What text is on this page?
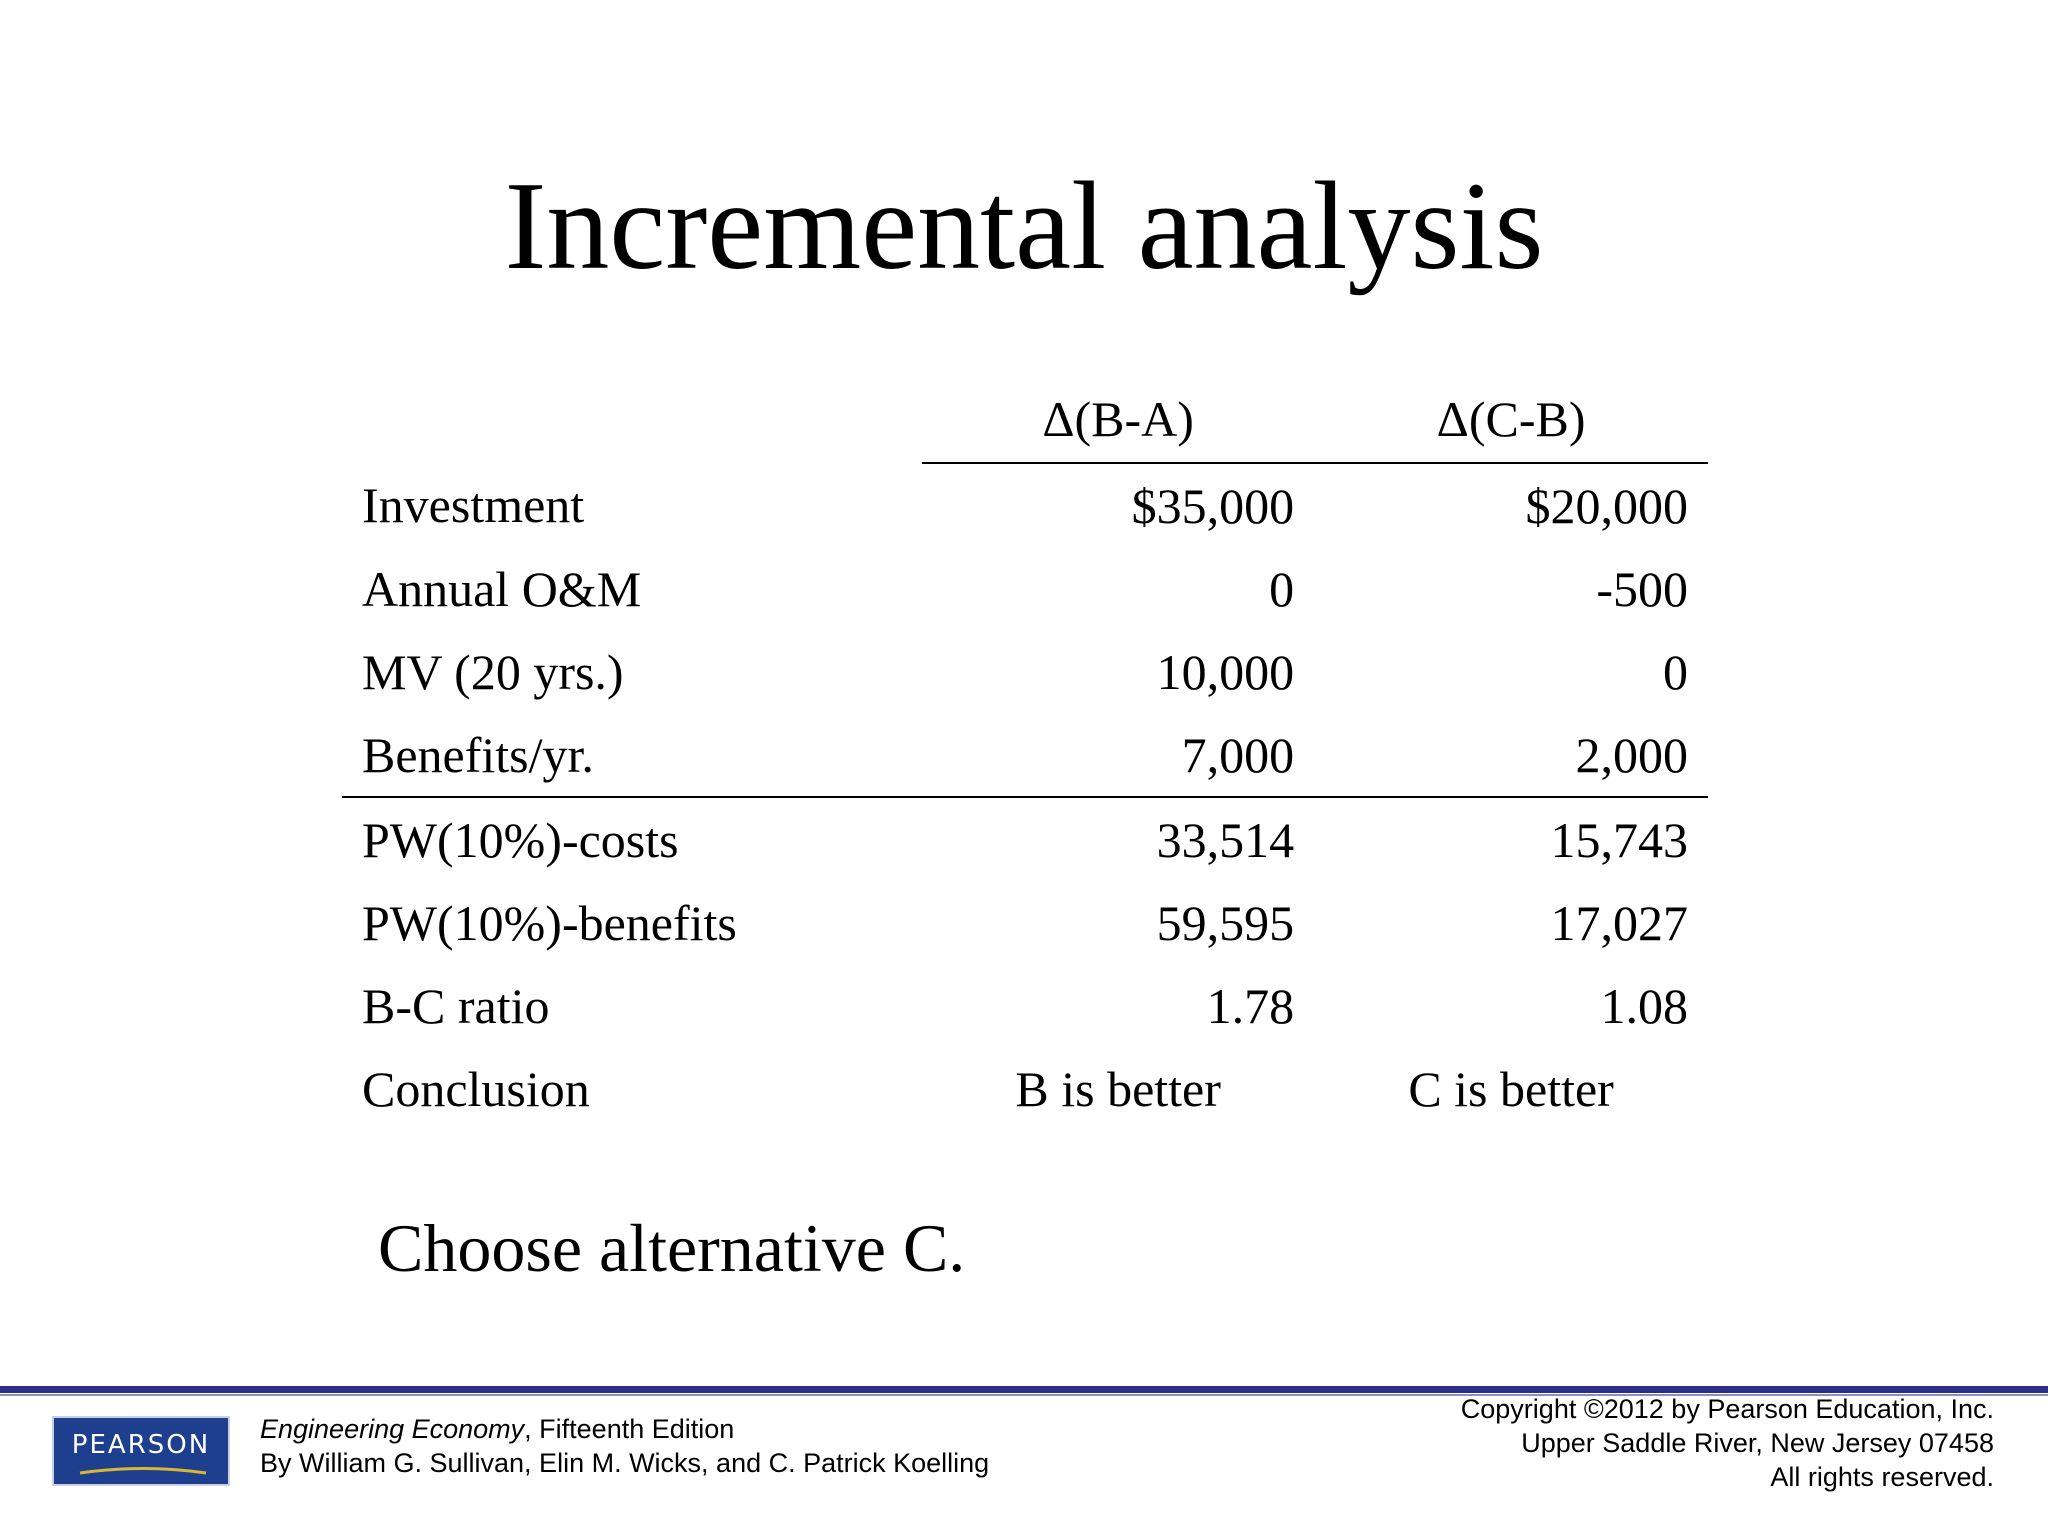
Incremental analysis
	Δ(B-A)	Δ(C-B)
Investment	$35,000	$20,000
Annual O&M	0	-500
MV (20 yrs.)	10,000	0
Benefits/yr.	7,000	2,000
PW(10%)-costs	33,514	15,743
PW(10%)-benefits	59,595	17,027
B-C ratio	1.78	1.08
Conclusion	B is better	C is better
Choose alternative C.
PEARSON
Engineering Economy, Fifteenth Edition
By William G. Sullivan, Elin M. Wicks, and C. Patrick Koelling
Copyright ©2012 by Pearson Education, Inc.
Upper Saddle River, New Jersey 07458
All rights reserved.
